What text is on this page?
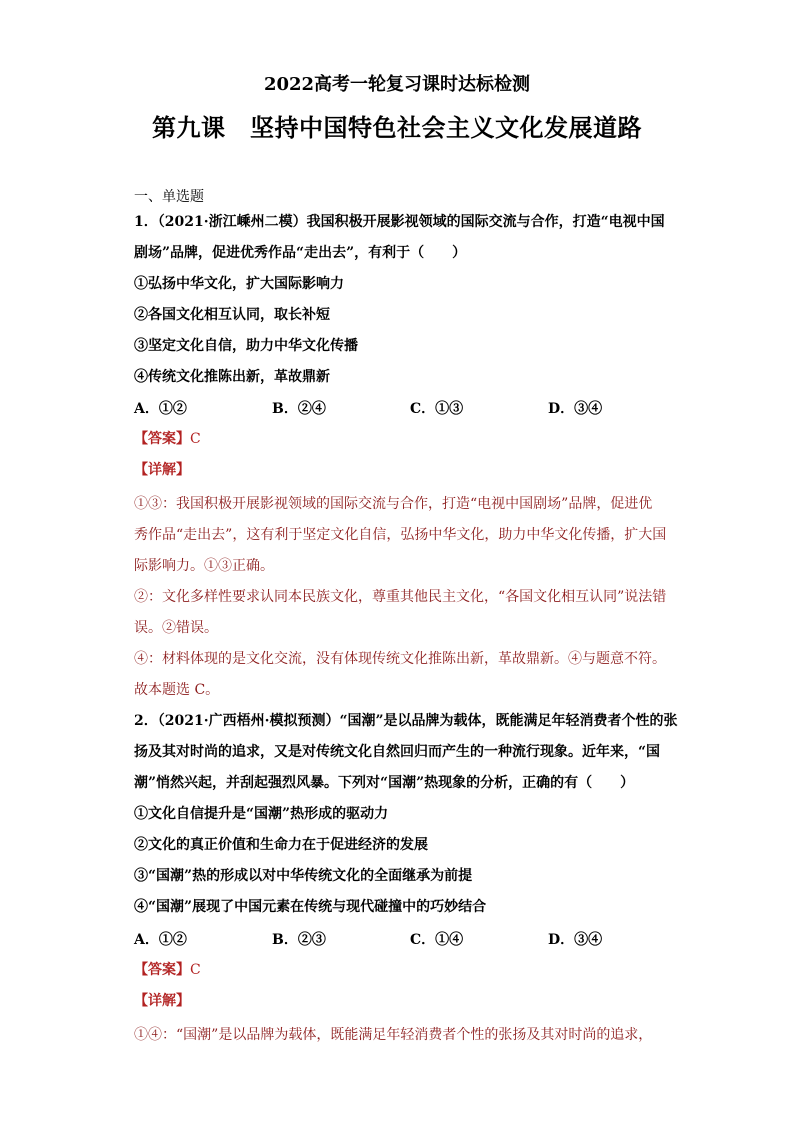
2022高考一轮复习课时达标检测
第九课　坚持中国特色社会主义文化发展道路
一、单选题
1．（2021·浙江嵊州二模）我国积极开展影视领域的国际交流与合作，打造“电视中国
剧场”品牌，促进优秀作品“走出去”，有利于（　　）
①弘扬中华文化，扩大国际影响力
②各国文化相互认同，取长补短
③坚定文化自信，助力中华文化传播
④传统文化推陈出新，革故鼎新
A．①②	B．②④	C．①③	D．③④
【答案】C
【详解】
①③：我国积极开展影视领域的国际交流与合作，打造“电视中国剧场”品牌，促进优
秀作品“走出去”，这有利于坚定文化自信，弘扬中华文化，助力中华文化传播，扩大国
际影响力。①③正确。
②：文化多样性要求认同本民族文化，尊重其他民主文化，“各国文化相互认同”说法错
误。②错误。
④：材料体现的是文化交流，没有体现传统文化推陈出新，革故鼎新。④与题意不符。
故本题选 C。
2．（2021·广西梧州·模拟预测）“国潮”是以品牌为载体，既能满足年轻消费者个性的张
扬及其对时尚的追求，又是对传统文化自然回归而产生的一种流行现象。近年来，“国
潮”悄然兴起，并刮起强烈风暴。下列对“国潮”热现象的分析，正确的有（　　）
①文化自信提升是“国潮”热形成的驱动力
②文化的真正价值和生命力在于促进经济的发展
③“国潮”热的形成以对中华传统文化的全面继承为前提
④“国潮”展现了中国元素在传统与现代碰撞中的巧妙结合
A．①②	B．②③	C．①④	D．③④
【答案】C
【详解】
①④：“国潮”是以品牌为载体，既能满足年轻消费者个性的张扬及其对时尚的追求，
